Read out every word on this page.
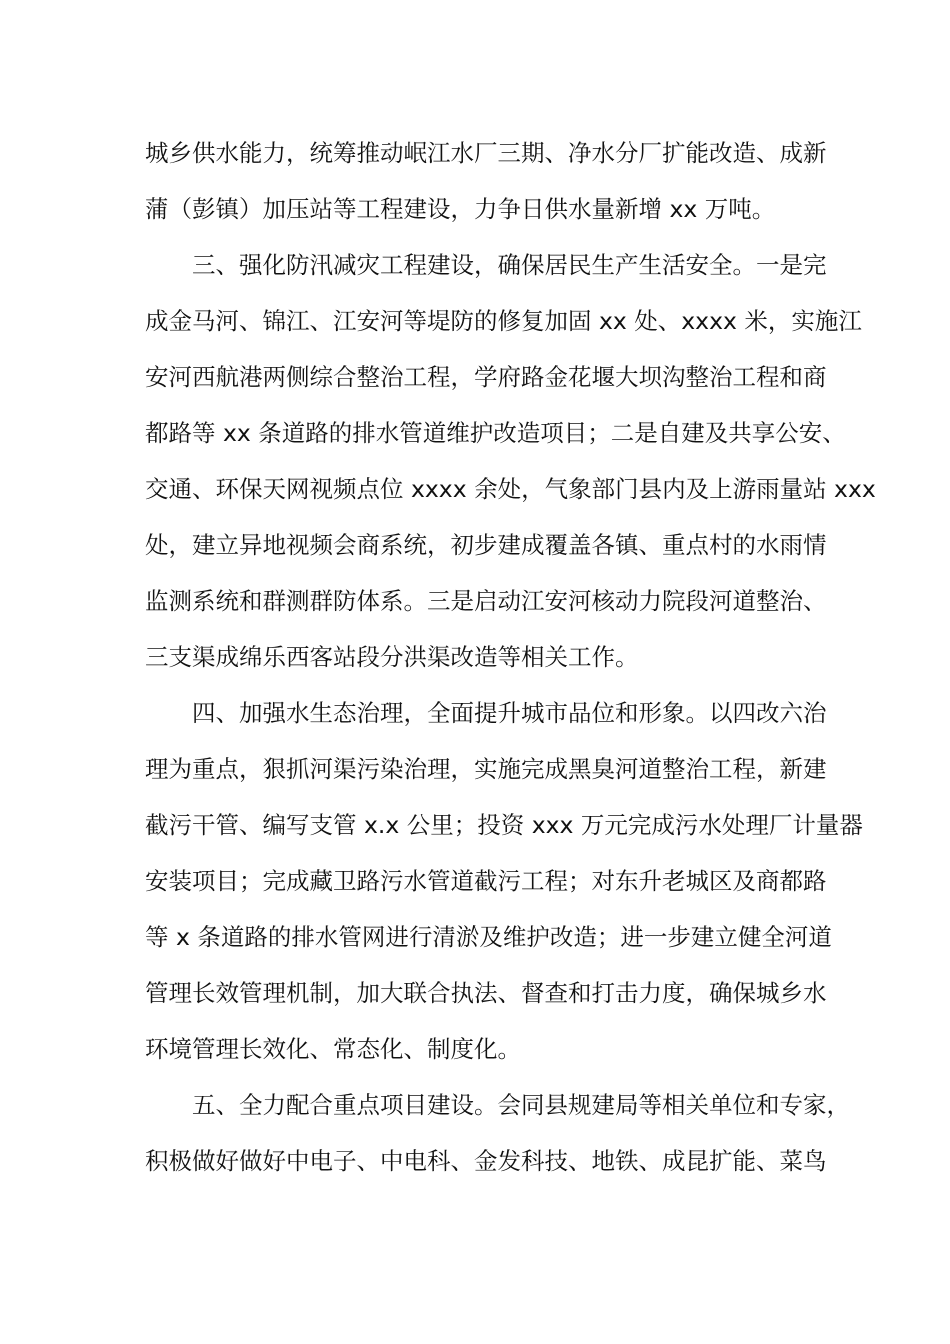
城乡供水能力，统筹推动岷江水厂三期、净水分厂扩能改造、成新
蒲（彭镇）加压站等工程建设，力争日供水量新增 xx 万吨。
三、强化防汛减灾工程建设，确保居民生产生活安全。一是完
成金马河、锦江、江安河等堤防的修复加固 xx 处、xxxx 米，实施江
安河西航港两侧综合整治工程，学府路金花堰大坝沟整治工程和商
都路等 xx 条道路的排水管道维护改造项目；二是自建及共享公安、
交通、环保天网视频点位 xxxx 余处，气象部门县内及上游雨量站 xxx
处，建立异地视频会商系统，初步建成覆盖各镇、重点村的水雨情
监测系统和群测群防体系。三是启动江安河核动力院段河道整治、
三支渠成绵乐西客站段分洪渠改造等相关工作。
四、加强水生态治理，全面提升城市品位和形象。以四改六治
理为重点，狠抓河渠污染治理，实施完成黑臭河道整治工程，新建
截污干管、编写支管 x.x 公里；投资 xxx 万元完成污水处理厂计量器
安装项目；完成藏卫路污水管道截污工程；对东升老城区及商都路
等 x 条道路的排水管网进行清淤及维护改造；进一步建立健全河道
管理长效管理机制，加大联合执法、督查和打击力度，确保城乡水
环境管理长效化、常态化、制度化。
五、全力配合重点项目建设。会同县规建局等相关单位和专家，
积极做好做好中电子、中电科、金发科技、地铁、成昆扩能、菜鸟
